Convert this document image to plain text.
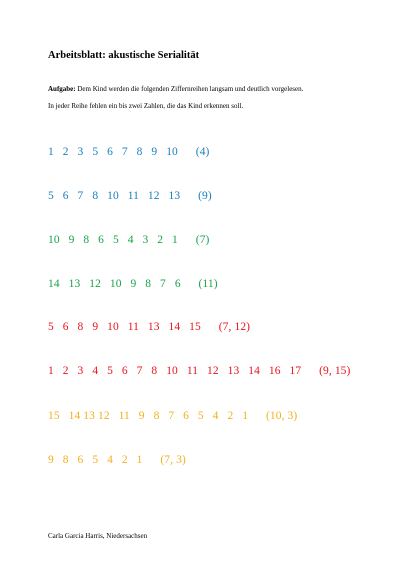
Arbeitsblatt: akustische Serialität
Aufgabe: Dem Kind werden die folgenden Ziffernreihen langsam und deutlich vorgelesen.
In jeder Reihe fehlen ein bis zwei Zahlen, die das Kind erkennen soll.
1   2   3   5   6   7   8   9   10 (4)
5   6   7   8   10   11   12   13 (9)
10   9   8   6   5   4   3   2   1 (7)
14   13   12   10   9   8   7   6 (11)
5   6   8   9   10   11   13   14   15 (7, 12)
1   2   3   4   5   6   7   8   10   11   12   13   14   16   17 (9, 15)
15   14 13 12   11   9   8   7   6   5   4   2   1 (10, 3)
9   8   6   5   4   2   1 (7, 3)
Carla Garcia Harris, Niedersachsen
